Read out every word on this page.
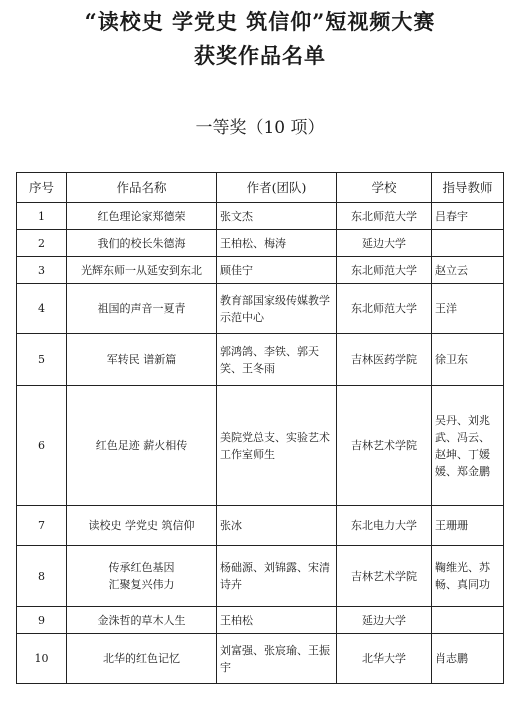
“读校史 学党史 筑信仰”短视频大赛
获奖作品名单
一等奖（10 项）
序号	作品名称	作者(团队)	学校	指导教师
1	红色理论家郑德荣	张文杰	东北师范大学	吕春宇
2	我们的校长朱德海	王柏松、梅涛	延边大学	
3	光辉东师一从延安到东北	顾佳宁	东北师范大学	赵立云
4	祖国的声音一夏青	教育部国家级传媒教学示范中心	东北师范大学	王洋
5	军转民 谱新篇	郭鸿鸽、李铁、郭天笑、王冬雨	吉林医药学院	徐卫东
6	红色足迹 薪火相传	美院党总支、实验艺术工作室师生	吉林艺术学院	吴丹、刘兆武、冯云、赵坤、丁媛媛、郑金鹏
7	读校史 学党史 筑信仰	张冰	东北电力大学	王珊珊
8	传承红色基因
汇聚复兴伟力	杨础源、刘锦露、宋清诗卉	吉林艺术学院	鞠维光、苏畅、真同功
9	金洙哲的草木人生	王柏松	延边大学	
10	北华的红色记忆	刘富强、张宸瑜、王振宇	北华大学	肖志鹏
